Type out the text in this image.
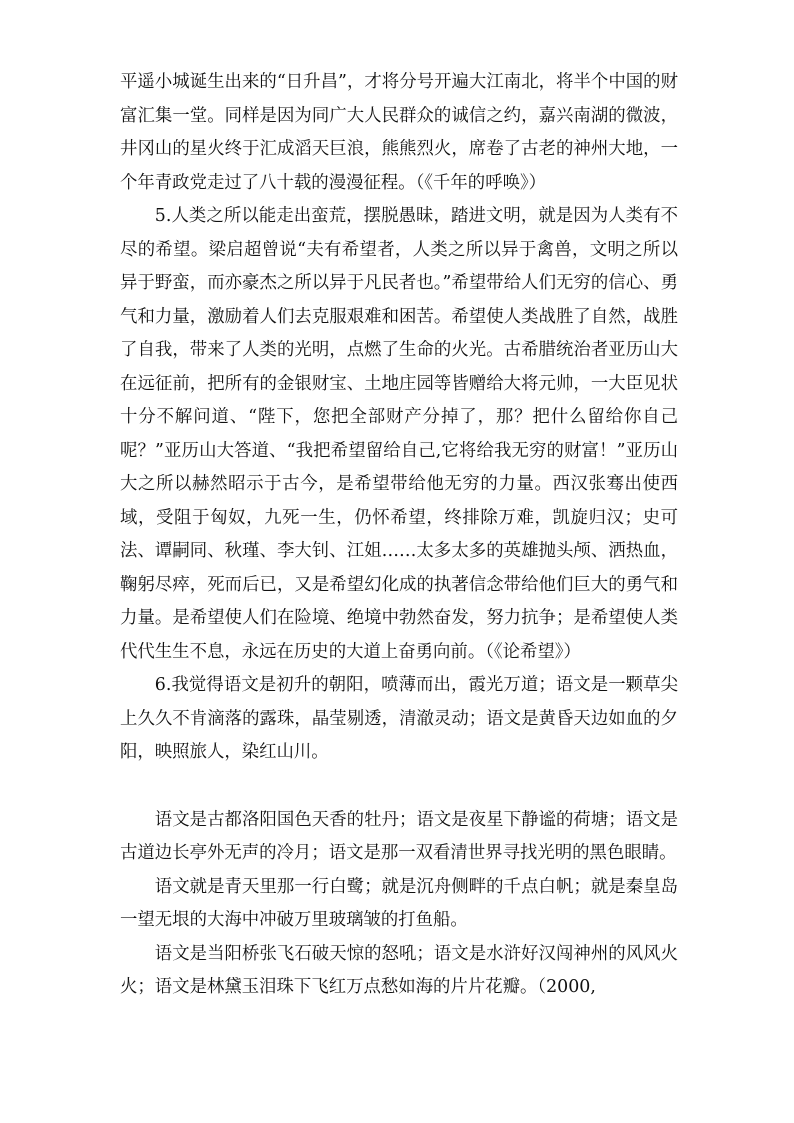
平遥小城诞生出来的“日升昌”，才将分号开遍大江南北，将半个中国的财富汇集一堂。同样是因为同广大人民群众的诚信之约，嘉兴南湖的微波，井冈山的星火终于汇成滔天巨浪，熊熊烈火，席卷了古老的神州大地，一个年青政党走过了八十载的漫漫征程。（《千年的呼唤》）

5.人类之所以能走出蛮荒，摆脱愚昧，踏进文明，就是因为人类有不尽的希望。梁启超曾说“夫有希望者，人类之所以异于禽兽，文明之所以异于野蛮，而亦豪杰之所以异于凡民者也。”希望带给人们无穷的信心、勇气和力量，激励着人们去克服艰难和困苦。希望使人类战胜了自然，战胜了自我，带来了人类的光明，点燃了生命的火光。古希腊统治者亚历山大在远征前，把所有的金银财宝、土地庄园等皆赠给大将元帅，一大臣见状十分不解问道、“陛下，您把全部财产分掉了，那？把什么留给你自己呢？”亚历山大答道、“我把希望留给自己,它将给我无穷的财富！”亚历山大之所以赫然昭示于古今，是希望带给他无穷的力量。西汉张骞出使西域，受阻于匈奴，九死一生，仍怀希望，终排除万难，凯旋归汉；史可法、谭嗣同、秋瑾、李大钊、江姐……太多太多的英雄抛头颅、洒热血，鞠躬尽瘁，死而后已，又是希望幻化成的执著信念带给他们巨大的勇气和力量。是希望使人们在险境、绝境中勃然奋发，努力抗争；是希望使人类代代生生不息，永远在历史的大道上奋勇向前。（《论希望》）

6.我觉得语文是初升的朝阳，喷薄而出，霞光万道；语文是一颗草尖上久久不肯滴落的露珠，晶莹剔透，清澈灵动；语文是黄昏天边如血的夕阳，映照旅人，染红山川。

语文是古都洛阳国色天香的牡丹；语文是夜星下静谧的荷塘；语文是古道边长亭外无声的冷月；语文是那一双看清世界寻找光明的黑色眼睛。

语文就是青天里那一行白鹭；就是沉舟侧畔的千点白帆；就是秦皇岛一望无垠的大海中冲破万里玻璃皱的打鱼船。

语文是当阳桥张飞石破天惊的怒吼；语文是水浒好汉闯神州的风风火火；语文是林黛玉泪珠下飞红万点愁如海的片片花瓣。（2000,
